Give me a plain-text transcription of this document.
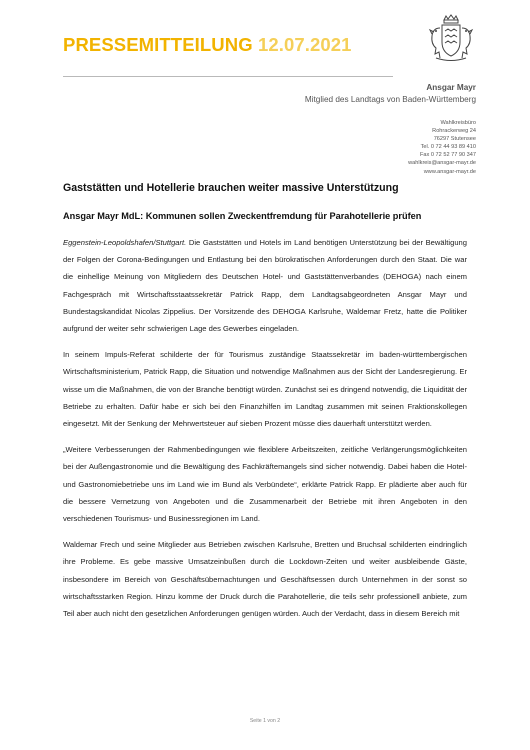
PRESSEMITTEILUNG 12.07.2021
Ansgar Mayr
Mitglied des Landtags von Baden-Württemberg
Wahlkreisbüro
Rohrackerweg 24
76297 Stutensee
Tel. 0 72 44 93 89 410
Fax 0 72 52 77 90 347
wahlkreis@ansgar-mayr.de
www.ansgar-mayr.de
Gaststätten und Hotellerie brauchen weiter massive Unterstützung
Ansgar Mayr MdL: Kommunen sollen Zweckentfremdung für Parahotellerie prüfen

Eggenstein-Leopoldshafen/Stuttgart. Die Gaststätten und Hotels im Land benötigen Unterstützung bei der Bewältigung der Folgen der Corona-Bedingungen und Entlastung bei den bürokratischen Anforderungen durch den Staat. Die war die einhellige Meinung von Mitgliedern des Deutschen Hotel- und Gaststättenverbandes (DEHOGA) nach einem Fachgespräch mit Wirtschaftsstaatssekretär Patrick Rapp, dem Landtagsabgeordneten Ansgar Mayr und Bundestagskandidat Nicolas Zippelius. Der Vorsitzende des DEHOGA Karlsruhe, Waldemar Fretz, hatte die Politiker aufgrund der weiter sehr schwierigen Lage des Gewerbes eingeladen.

In seinem Impuls-Referat schilderte der für Tourismus zuständige Staatssekretär im baden-württembergischen Wirtschaftsministerium, Patrick Rapp, die Situation und notwendige Maßnahmen aus der Sicht der Landesregierung. Er wisse um die Maßnahmen, die von der Branche benötigt würden. Zunächst sei es dringend notwendig, die Liquidität der Betriebe zu erhalten. Dafür habe er sich bei den Finanzhilfen im Landtag zusammen mit seinen Fraktionskollegen eingesetzt. Mit der Senkung der Mehrwertsteuer auf sieben Prozent müsse dies dauerhaft unterstützt werden.

„Weitere Verbesserungen der Rahmenbedingungen wie flexiblere Arbeitszeiten, zeitliche Verlängerungsmöglichkeiten bei der Außengastronomie und die Bewältigung des Fachkräftemangels sind sicher notwendig. Dabei haben die Hotel- und Gastronomiebetriebe uns im Land wie im Bund als Verbündete“, erklärte Patrick Rapp. Er plädierte aber auch für die bessere Vernetzung von Angeboten und die Zusammenarbeit der Betriebe mit ihren Angeboten in den verschiedenen Tourismus- und Businessregionen im Land.

Waldemar Frech und seine Mitglieder aus Betrieben zwischen Karlsruhe, Bretten und Bruchsal schilderten eindringlich ihre Probleme. Es gebe massive Umsatzeinbußen durch die Lockdown-Zeiten und weiter ausbleibende Gäste, insbesondere im Bereich von Geschäftsübernachtungen und Geschäftsessen durch Unternehmen in der sonst so wirtschaftsstarken Region. Hinzu komme der Druck durch die Parahotellerie, die teils sehr professionell anbiete, zum Teil aber auch nicht den gesetzlichen Anforderungen genügen würden. Auch der Verdacht, dass in diesem Bereich mit

Seite 1 von 2
